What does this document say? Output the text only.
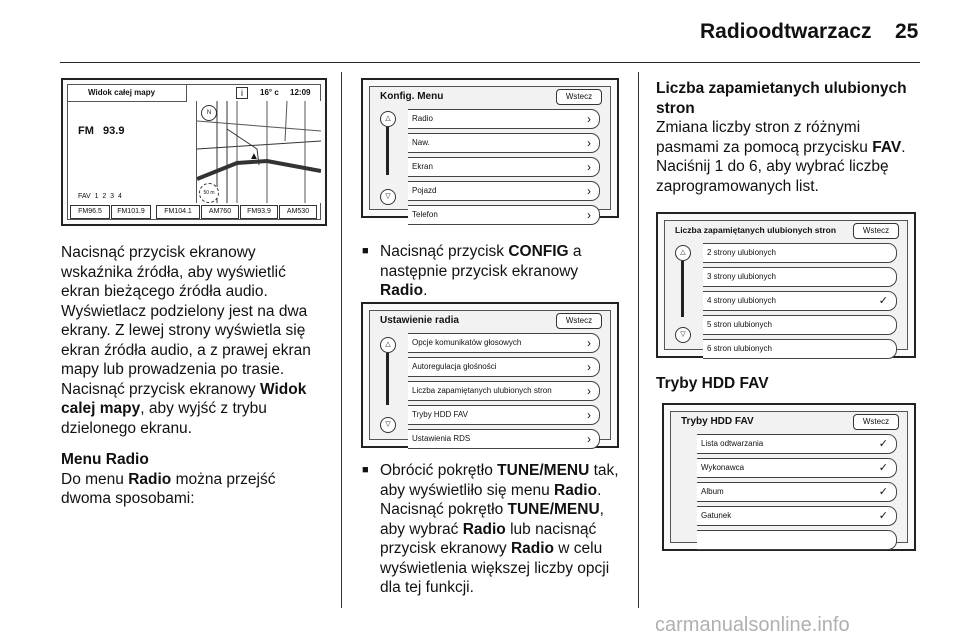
Radioodtwarzacz 25
Widok całej mapy	i	16° c 12:09
FM   93.9
FAV  1  2  3  4
N
▲
50 m
FM96.5	FM101.9	FM104.1	AM760	FM93.9	AM530

Nacisnąć przycisk ekranowy wskaźnika źródła, aby wyświetlić ekran bieżącego źródła audio. Wyświetlacz podzielony jest na dwa ekrany. Z lewej strony wyświetla się ekran źródła audio, a z prawej ekran mapy lub prowadzenia po trasie. Nacisnąć przycisk ekranowy Widok calej mapy, aby wyjść z trybu dzielonego ekranu.

Menu Radio

Do menu Radio można przejść dwoma sposobami:

Konfig. Menu	Wstecz
△
▽
Radio	›
Naw.	›
Ekran	›
Pojazd	›
Telefon	›

■ Nacisnąć przycisk CONFIG a następnie przycisk ekranowy Radio.

Ustawienie radia	Wstecz
△
▽
Opcje komunikatów głosowych	›
Autoregulacja głośności	›
Liczba zapamiętanych ulubionych stron	›
Tryby HDD FAV	›
Ustawienia RDS	›

■ Obrócić pokrętło TUNE/MENU tak, aby wyświetliło się menu Radio. Nacisnąć pokrętło TUNE/MENU, aby wybrać Radio lub nacisnąć przycisk ekranowy Radio w celu wyświetlenia większej liczby opcji dla tej funkcji.

Liczba zapamietanych ulubionych stron

Zmiana liczby stron z różnymi pasmami za pomocą przycisku FAV. Naciśnij 1 do 6, aby wybrać liczbę zaprogramowanych list.

Liczba zapamiętanych ulubionych stron	Wstecz
△
▽
2 strony ulubionych
3 strony ulubionych
4 strony ulubionych	✓
5 stron ulubionych
6 stron ulubionych

Tryby HDD FAV

Tryby HDD FAV	Wstecz
Lista odtwarzania	✓
Wykonawca	✓
Album	✓
Gatunek	✓
carmanualsonline.info
